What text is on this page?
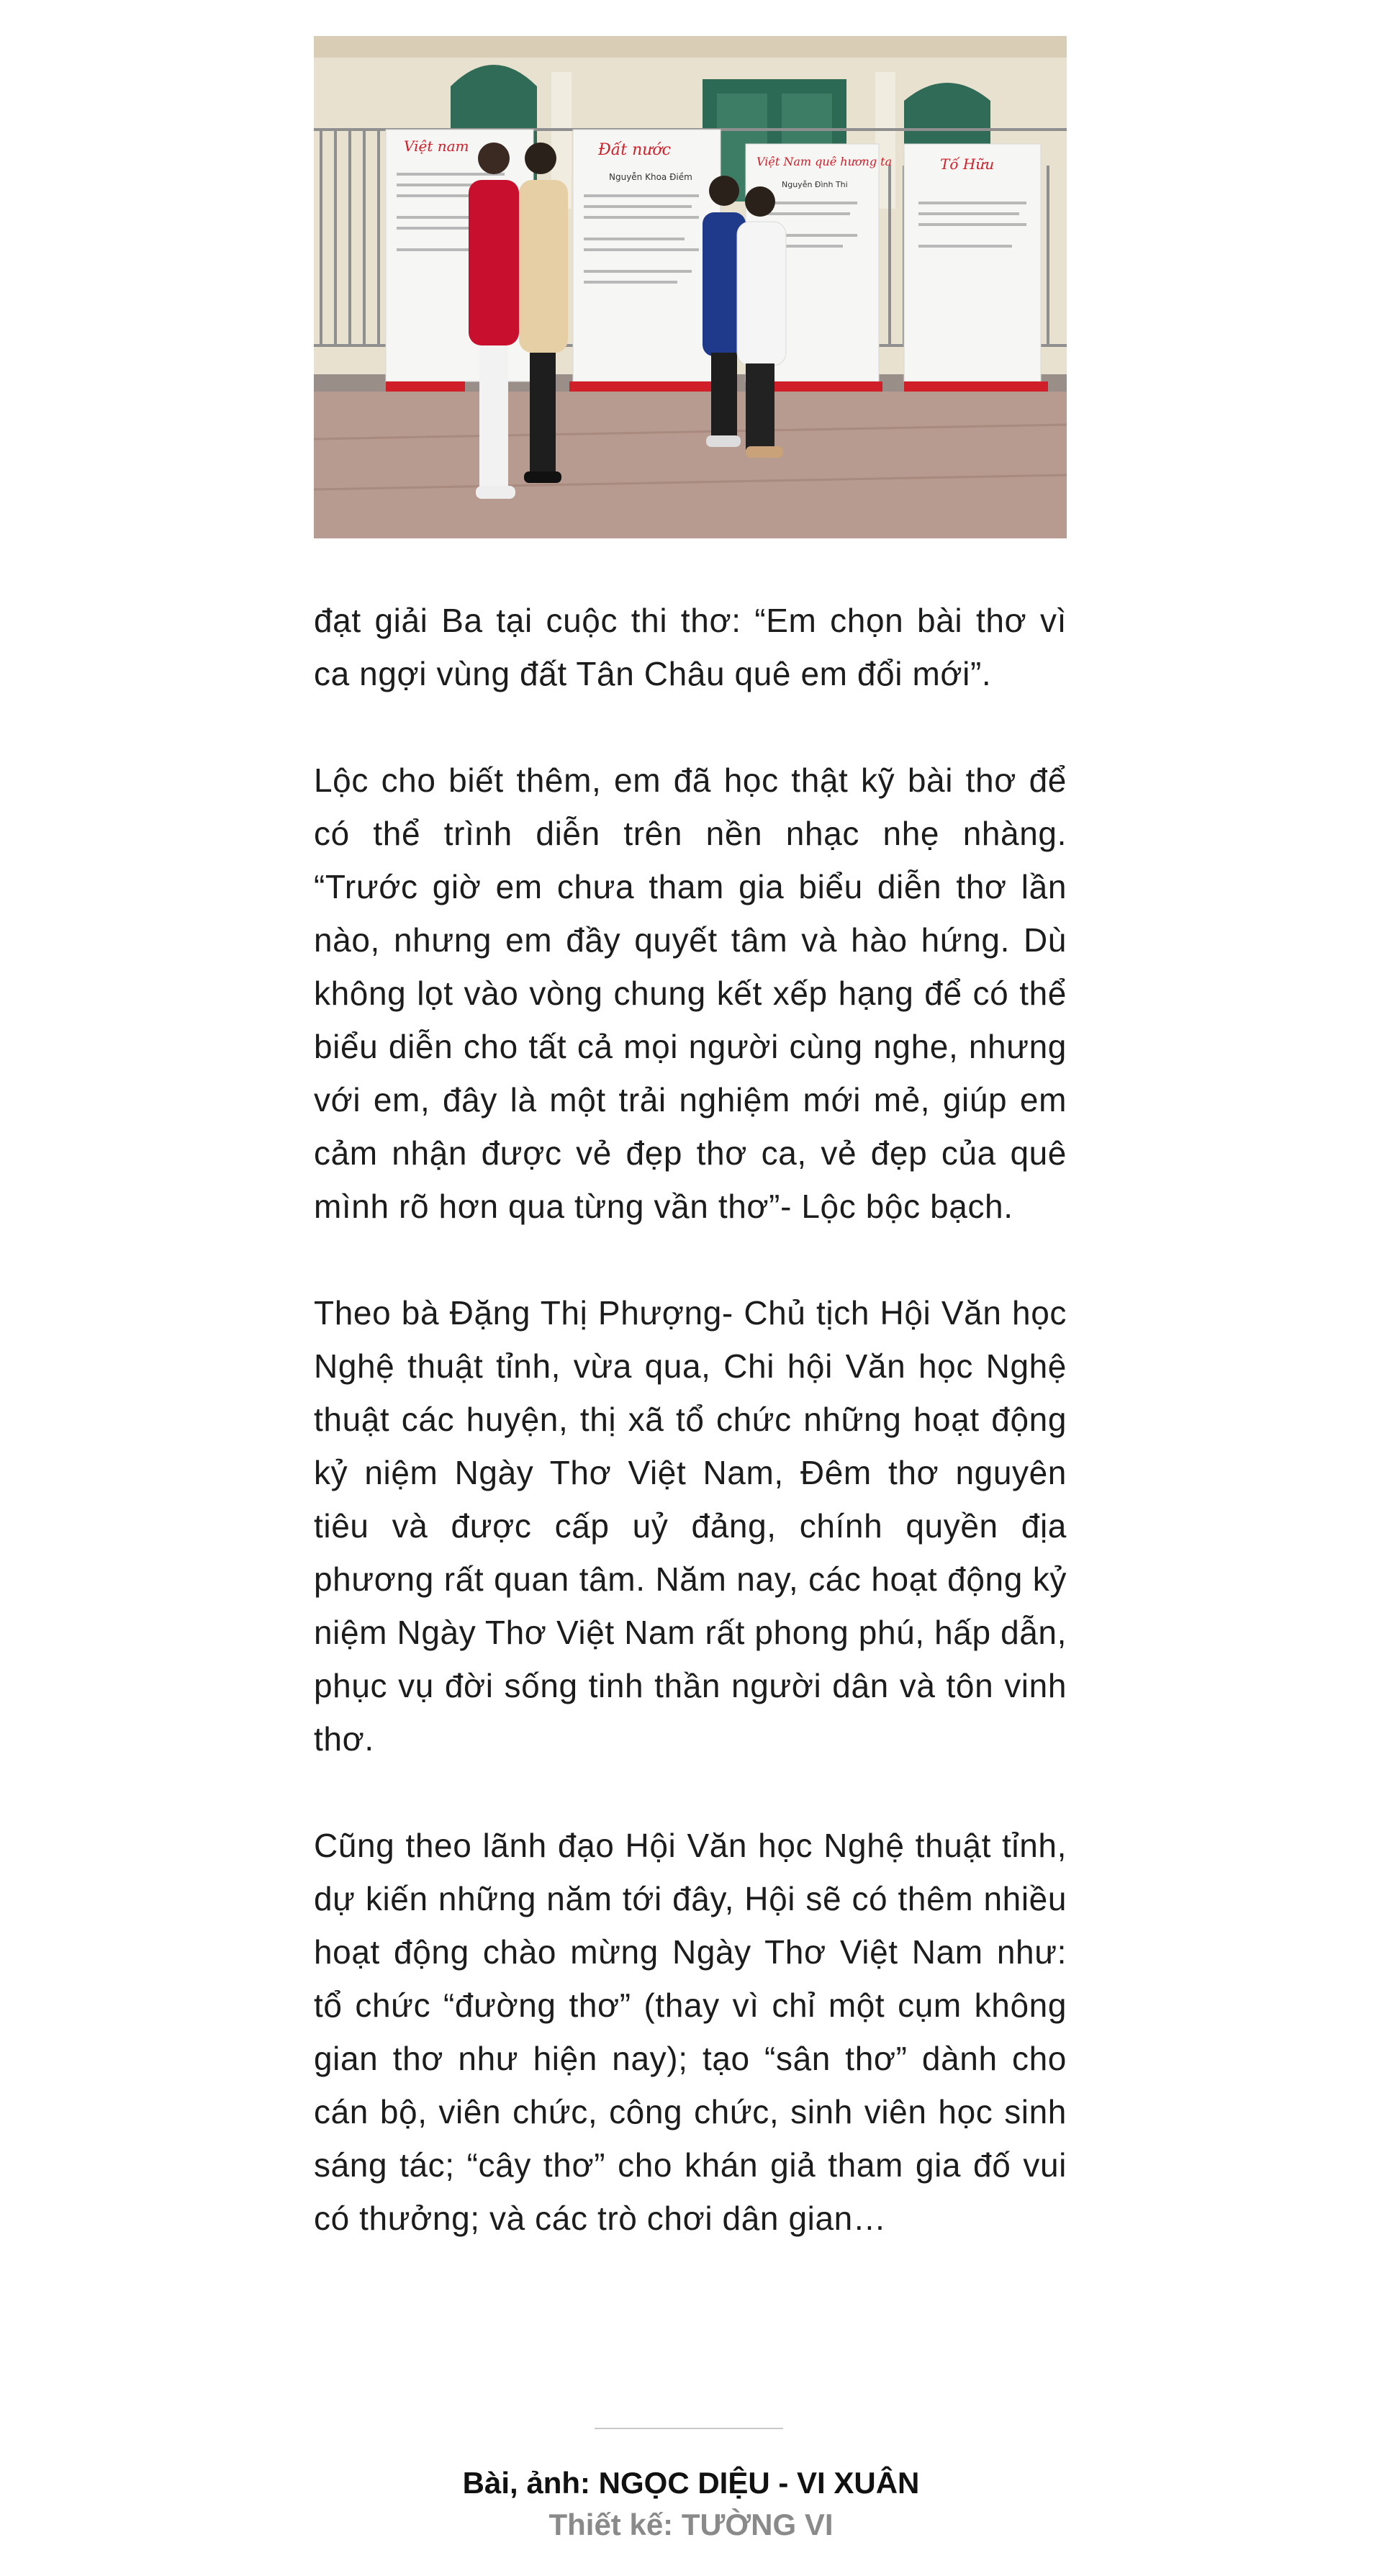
Việt nam	Đất nước
Nguyễn Khoa Điềm
Việt Nam quê hương ta
Nguyễn Đình Thi
Tố Hữu

đạt giải Ba tại cuộc thi thơ: “Em chọn bài thơ vì ca ngợi vùng đất Tân Châu quê em đổi mới”.

Lộc cho biết thêm, em đã học thật kỹ bài thơ để có thể trình diễn trên nền nhạc nhẹ nhàng. “Trước giờ em chưa tham gia biểu diễn thơ lần nào, nhưng em đầy quyết tâm và hào hứng. Dù không lọt vào vòng chung kết xếp hạng để có thể biểu diễn cho tất cả mọi người cùng nghe, nhưng với em, đây là một trải nghiệm mới mẻ, giúp em cảm nhận được vẻ đẹp thơ ca, vẻ đẹp của quê mình rõ hơn qua từng vần thơ”- Lộc bộc bạch.

Theo bà Đặng Thị Phượng- Chủ tịch Hội Văn học Nghệ thuật tỉnh, vừa qua, Chi hội Văn học Nghệ thuật các huyện, thị xã tổ chức những hoạt động kỷ niệm Ngày Thơ Việt Nam, Đêm thơ nguyên tiêu và được cấp uỷ đảng, chính quyền địa phương rất quan tâm. Năm nay, các hoạt động kỷ niệm Ngày Thơ Việt Nam rất phong phú, hấp dẫn, phục vụ đời sống tinh thần người dân và tôn vinh thơ.

Cũng theo lãnh đạo Hội Văn học Nghệ thuật tỉnh, dự kiến những năm tới đây, Hội sẽ có thêm nhiều hoạt động chào mừng Ngày Thơ Việt Nam như: tổ chức “đường thơ” (thay vì chỉ một cụm không gian thơ như hiện nay); tạo “sân thơ” dành cho cán bộ, viên chức, công chức, sinh viên học sinh sáng tác; “cây thơ” cho khán giả tham gia đố vui có thưởng; và các trò chơi dân gian…

Bài, ảnh: NGỌC DIỆU - VI XUÂN
Thiết kế: TƯỜNG VI
